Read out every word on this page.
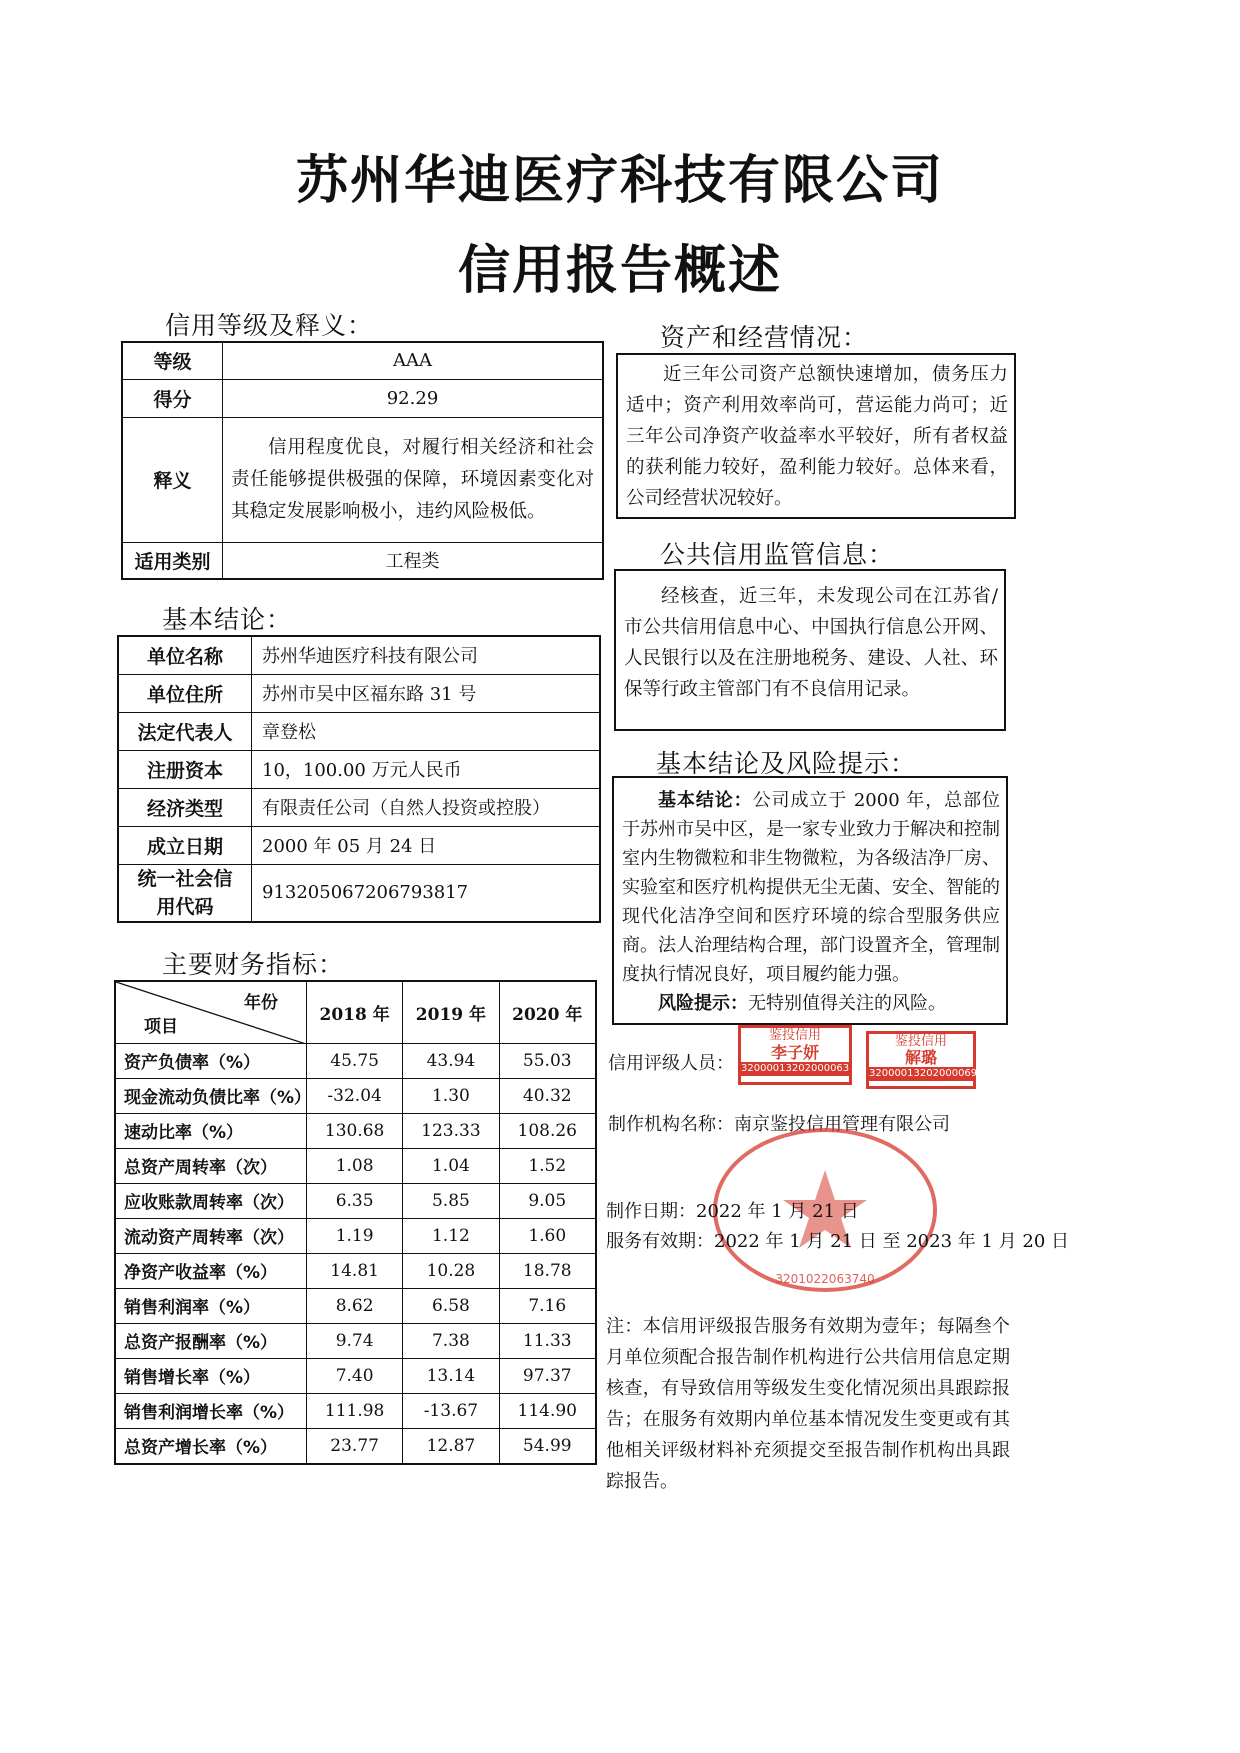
苏州华迪医疗科技有限公司
信用报告概述
信用等级及释义：
等级	AAA
得分	92.29
释义	信用程度优良，对履行相关经济和社会责任能够提供极强的保障，环境因素变化对其稳定发展影响极小，违约风险极低。

适用类别	工程类
基本结论：
单位名称	苏州华迪医疗科技有限公司
单位住所	苏州市吴中区福东路 31 号
法定代表人	章登松
注册资本	10，100.00 万元人民币
经济类型	有限责任公司（自然人投资或控股）
成立日期	2000 年 05 月 24 日
统一社会信用代码	913205067206793817
主要财务指标：
年份
项目	2018 年	2019 年	2020 年
资产负债率（%）	45.75	43.94	55.03
现金流动负债比率（%）	-32.04	1.30	40.32
速动比率（%）	130.68	123.33	108.26
总资产周转率（次）	1.08	1.04	1.52
应收账款周转率（次）	6.35	5.85	9.05
流动资产周转率（次）	1.19	1.12	1.60
净资产收益率（%）	14.81	10.28	18.78
销售利润率（%）	8.62	6.58	7.16
总资产报酬率（%）	9.74	7.38	11.33
销售增长率（%）	7.40	13.14	97.37
销售利润增长率（%）	111.98	-13.67	114.90
总资产增长率（%）	23.77	12.87	54.99
资产和经营情况：

近三年公司资产总额快速增加，债务压力适中；资产利用效率尚可，营运能力尚可；近三年公司净资产收益率水平较好，所有者权益的获利能力较好，盈利能力较好。总体来看，公司经营状况较好。

公共信用监管信息：

经核查，近三年，未发现公司在江苏省/市公共信用信息中心、中国执行信息公开网、人民银行以及在注册地税务、建设、人社、环保等行政主管部门有不良信用记录。

基本结论及风险提示：

基本结论：公司成立于 2000 年，总部位于苏州市吴中区，是一家专业致力于解决和控制室内生物微粒和非生物微粒，为各级洁净厂房、实验室和医疗机构提供无尘无菌、安全、智能的现代化洁净空间和医疗环境的综合型服务供应商。法人治理结构合理，部门设置齐全，管理制度执行情况良好，项目履约能力强。

风险提示：无特别值得关注的风险。

信用评级人员：
鉴投信用
李子妍
32000013202000063
鉴投信用
解璐
32000013202000069
制作机构名称：南京鉴投信用管理有限公司
3201022063740
制作日期：2022 年 1 月 21 日
服务有效期：2022 年 1 月 21 日 至 2023 年 1 月 20 日
注：本信用评级报告服务有效期为壹年；每隔叁个月单位须配合报告制作机构进行公共信用信息定期核查，有导致信用等级发生变化情况须出具跟踪报告；在服务有效期内单位基本情况发生变更或有其他相关评级材料补充须提交至报告制作机构出具跟踪报告。
